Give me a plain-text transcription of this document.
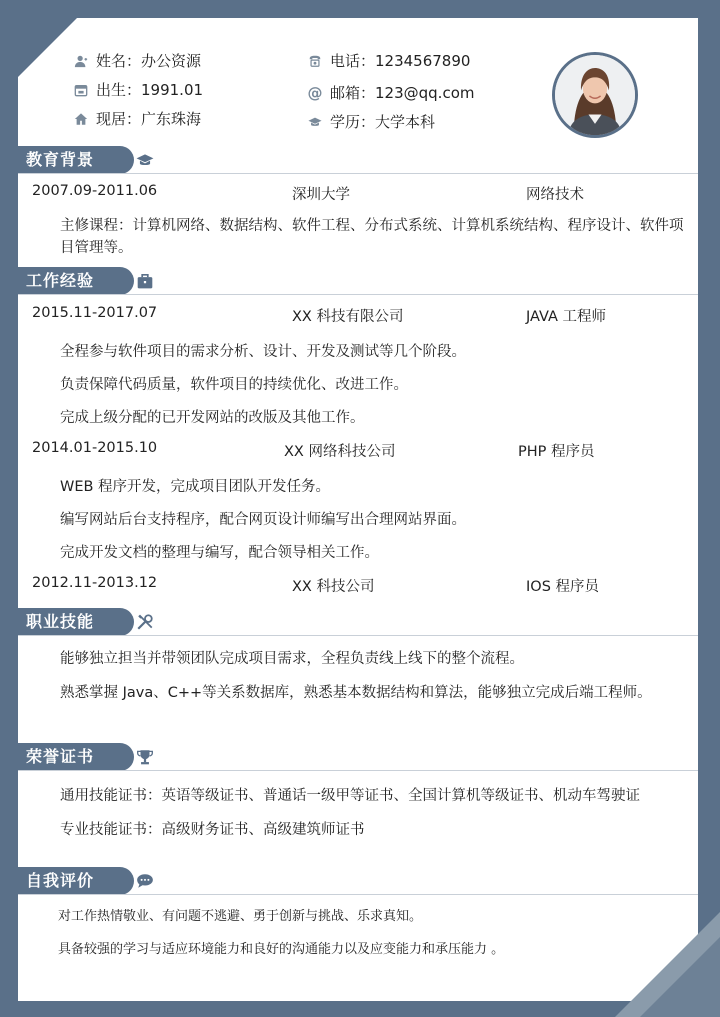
姓名：办公资源
出生：1991.01
现居：广东珠海
电话：1234567890
@ 邮箱：123@qq.com
学历：大学本科
教育背景
2007.09-2011.06	深圳大学	网络技术
主修课程：计算机网络、数据结构、软件工程、分布式系统、计算机系统结构、程序设计、软件项目管理等。
工作经验
2015.11-2017.07	XX 科技有限公司	JAVA 工程师
全程参与软件项目的需求分析、设计、开发及测试等几个阶段。
负责保障代码质量，软件项目的持续优化、改进工作。
完成上级分配的已开发网站的改版及其他工作。
2014.01-2015.10	XX 网络科技公司	PHP 程序员
WEB 程序开发，完成项目团队开发任务。
编写网站后台支持程序，配合网页设计师编写出合理网站界面。
完成开发文档的整理与编写，配合领导相关工作。
2012.11-2013.12	XX 科技公司	IOS 程序员
职业技能
能够独立担当并带领团队完成项目需求，全程负责线上线下的整个流程。
熟悉掌握 Java、C++等关系数据库，熟悉基本数据结构和算法，能够独立完成后端工程师。
荣誉证书
通用技能证书：英语等级证书、普通话一级甲等证书、全国计算机等级证书、机动车驾驶证
专业技能证书：高级财务证书、高级建筑师证书
自我评价
对工作热情敬业、有问题不逃避、勇于创新与挑战、乐求真知。
具备较强的学习与适应环境能力和良好的沟通能力以及应变能力和承压能力 。
